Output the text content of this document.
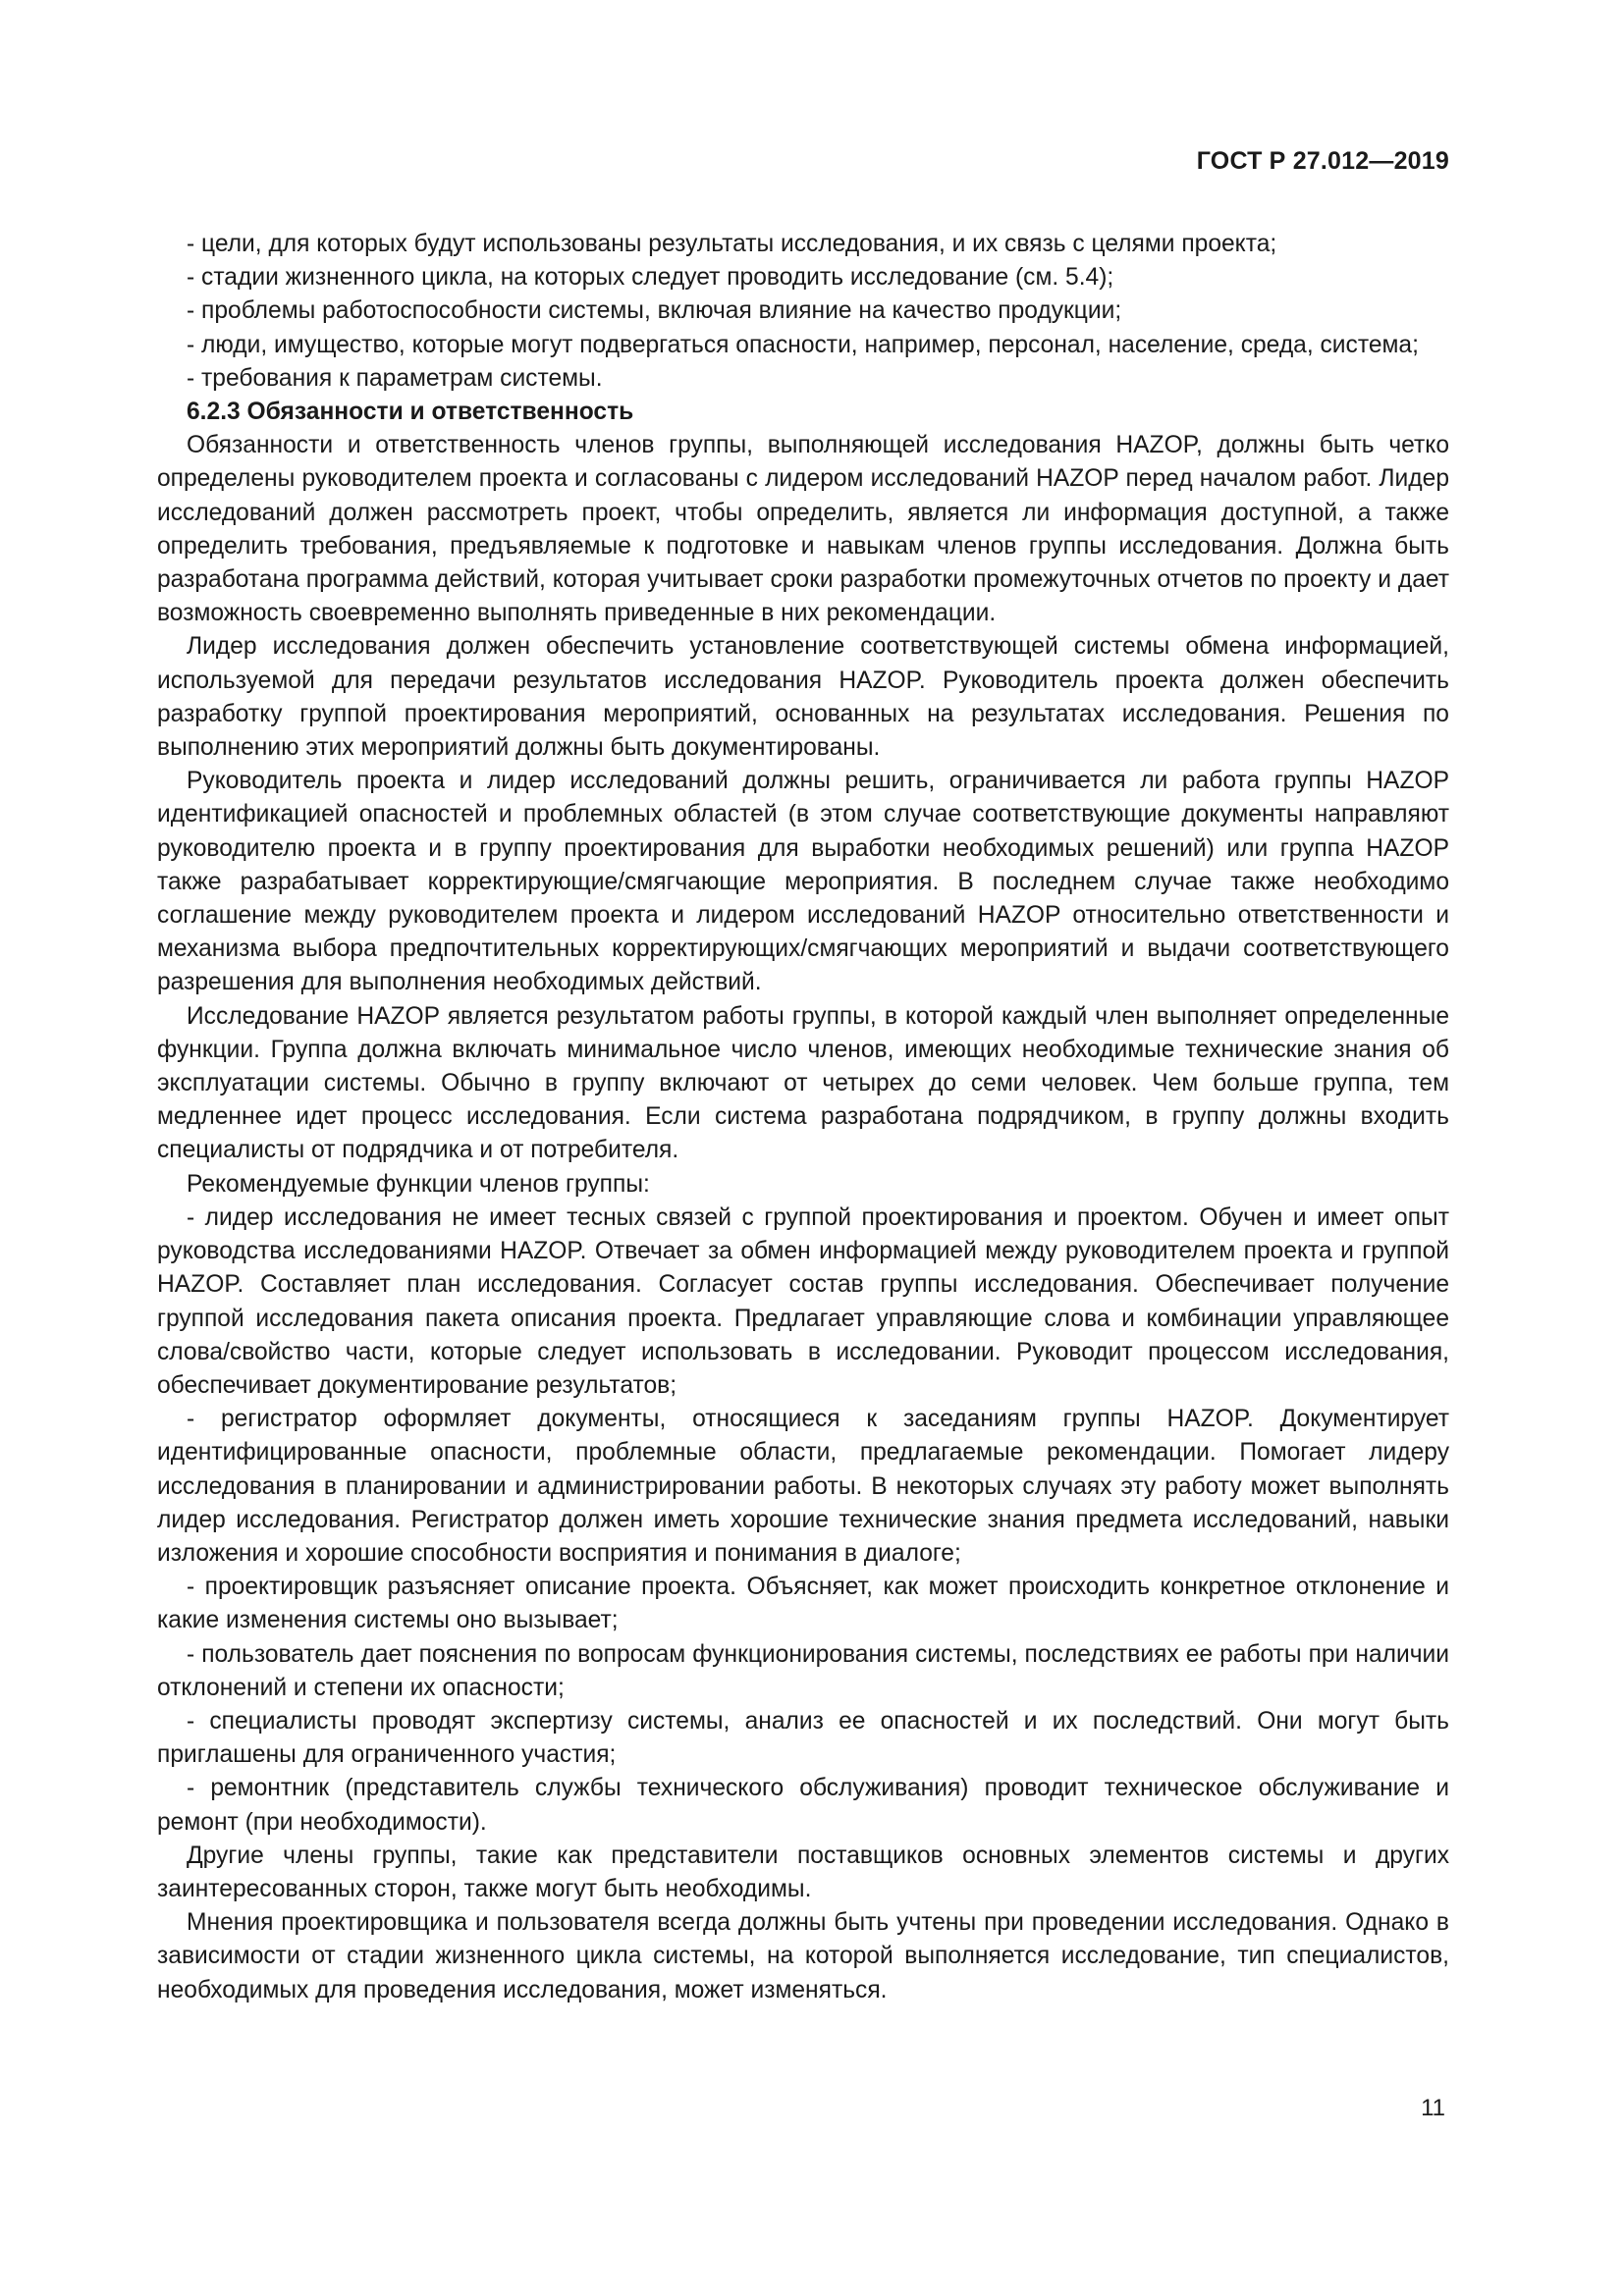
ГОСТ Р 27.012—2019

- цели, для которых будут использованы результаты исследования, и их связь с целями проекта;

- стадии жизненного цикла, на которых следует проводить исследование (см. 5.4);

- проблемы работоспособности системы, включая влияние на качество продукции;

- люди, имущество, которые могут подвергаться опасности, например, персонал, население, среда, система;

- требования к параметрам системы.

6.2.3 Обязанности и ответственность

Обязанности и ответственность членов группы, выполняющей исследования HAZOP, должны быть четко определены руководителем проекта и согласованы с лидером исследований HAZOP перед началом работ. Лидер исследований должен рассмотреть проект, чтобы определить, является ли информация доступной, а также определить требования, предъявляемые к подготовке и навыкам членов группы исследования. Должна быть разработана программа действий, которая учитывает сроки разработки промежуточных отчетов по проекту и дает возможность своевременно выполнять приведенные в них рекомендации.

Лидер исследования должен обеспечить установление соответствующей системы обмена информацией, используемой для передачи результатов исследования HAZOP. Руководитель проекта должен обеспечить разработку группой проектирования мероприятий, основанных на результатах исследования. Решения по выполнению этих мероприятий должны быть документированы.

Руководитель проекта и лидер исследований должны решить, ограничивается ли работа группы HAZOP идентификацией опасностей и проблемных областей (в этом случае соответствующие документы направляют руководителю проекта и в группу проектирования для выработки необходимых решений) или группа HAZOP также разрабатывает корректирующие/смягчающие мероприятия. В последнем случае также необходимо соглашение между руководителем проекта и лидером исследований HAZOP относительно ответственности и механизма выбора предпочтительных корректирующих/смягчающих мероприятий и выдачи соответствующего разрешения для выполнения необходимых действий.

Исследование HAZOP является результатом работы группы, в которой каждый член выполняет определенные функции. Группа должна включать минимальное число членов, имеющих необходимые технические знания об эксплуатации системы. Обычно в группу включают от четырех до семи человек. Чем больше группа, тем медленнее идет процесс исследования. Если система разработана подрядчиком, в группу должны входить специалисты от подрядчика и от потребителя.

Рекомендуемые функции членов группы:

- лидер исследования не имеет тесных связей с группой проектирования и проектом. Обучен и имеет опыт руководства исследованиями HAZOP. Отвечает за обмен информацией между руководителем проекта и группой HAZOP. Составляет план исследования. Согласует состав группы исследования. Обеспечивает получение группой исследования пакета описания проекта. Предлагает управляющие слова и комбинации управляющее слова/свойство части, которые следует использовать в исследовании. Руководит процессом исследования, обеспечивает документирование результатов;

- регистратор оформляет документы, относящиеся к заседаниям группы HAZOP. Документирует идентифицированные опасности, проблемные области, предлагаемые рекомендации. Помогает лидеру исследования в планировании и администрировании работы. В некоторых случаях эту работу может выполнять лидер исследования. Регистратор должен иметь хорошие технические знания предмета исследований, навыки изложения и хорошие способности восприятия и понимания в диалоге;

- проектировщик разъясняет описание проекта. Объясняет, как может происходить конкретное отклонение и какие изменения системы оно вызывает;

- пользователь дает пояснения по вопросам функционирования системы, последствиях ее работы при наличии отклонений и степени их опасности;

- специалисты проводят экспертизу системы, анализ ее опасностей и их последствий. Они могут быть приглашены для ограниченного участия;

- ремонтник (представитель службы технического обслуживания) проводит техническое обслуживание и ремонт (при необходимости).

Другие члены группы, такие как представители поставщиков основных элементов системы и других заинтересованных сторон, также могут быть необходимы.

Мнения проектировщика и пользователя всегда должны быть учтены при проведении исследования. Однако в зависимости от стадии жизненного цикла системы, на которой выполняется исследование, тип специалистов, необходимых для проведения исследования, может изменяться.

11
